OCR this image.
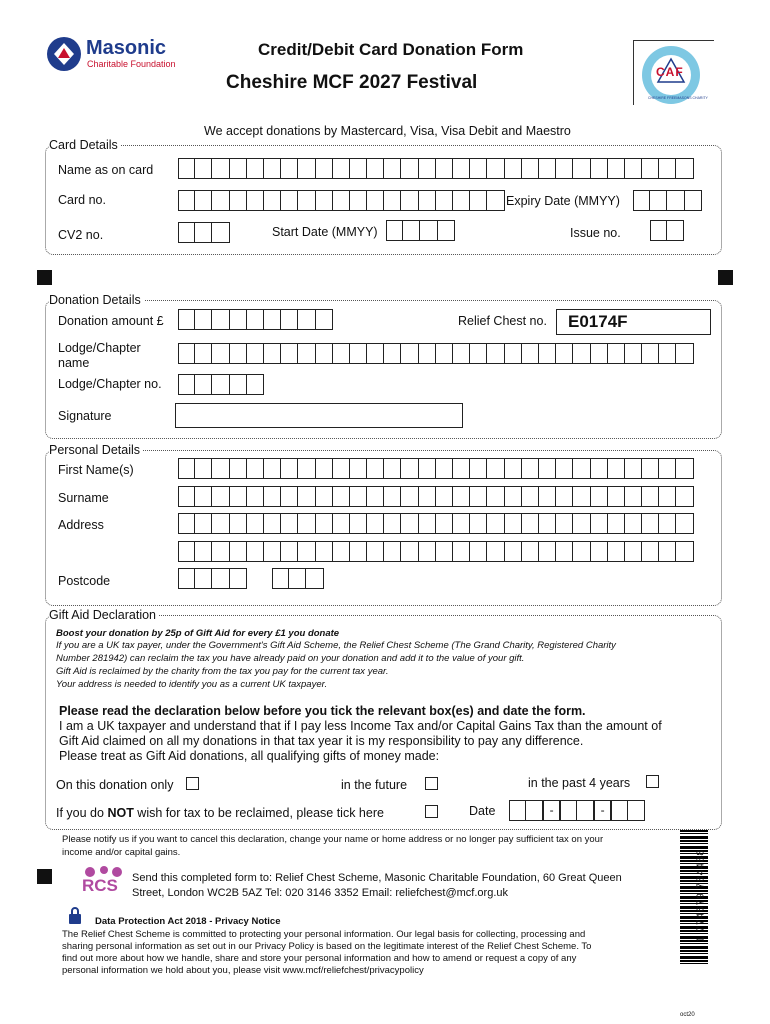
Masonic
Charitable Foundation
Credit/Debit Card Donation Form
Cheshire MCF 2027 Festival	CAF
CHESHIRE FREEMASONS CHARITY
We accept donations by Mastercard, Visa, Visa Debit and Maestro
Card Details
Name as on card
Card no.	Expiry Date (MMYY)
CV2 no.	Start Date (MMYY)	Issue no.
Donation Details
Donation amount £	Relief Chest no. E0174F
Lodge/Chapter
name
Lodge/Chapter no.
Signature
Personal Details
First Name(s)
Surname
Address
Postcode
Gift Aid Declaration
Boost your donation by 25p of Gift Aid for every £1 you donate
If you are a UK tax payer, under the Government's Gift Aid Scheme, the Relief Chest Scheme (The Grand Charity, Registered Charity
Number 281942) can reclaim the tax you have already paid on your donation and add it to the value of your gift.
Gift Aid is reclaimed by the charity from the tax you pay for the current tax year.
Your address is needed to identify you as a current UK taxpayer.
Please read the declaration below before you tick the relevant box(es) and date the form.
I am a UK taxpayer and understand that if I pay less Income Tax and/or Capital Gains Tax than the amount of
Gift Aid claimed on all my donations in that tax year it is my responsibility to pay any difference.
Please treat as Gift Aid donations, all qualifying gifts of money made:
On this donation only	in the future	in the past 4 years
If you do NOT wish for tax to be reclaimed, please tick here	Date	-	-
Please notify us if you want to cancel this declaration, change your name or home address or no longer pay sufficient tax on your
income and/or capital gains.
RCS Send this completed form to: Relief Chest Scheme, Masonic Charitable Foundation, 60 Great Queen
Street, London WC2B 5AZ Tel: 020 3146 3352 Email: reliefchest@mcf.org.uk
Data Protection Act 2018 - Privacy Notice
The Relief Chest Scheme is committed to protecting your personal information. Our legal basis for collecting, processing and
sharing personal information as set out in our Privacy Policy is based on the legitimate interest of the Relief Chest Scheme. To
find out more about how we handle, share and store your personal information and how to amend or request a copy of any
personal information we hold about you, please visit www.mcf/reliefchest/privacypolicy
1 774679 784488
oct20
